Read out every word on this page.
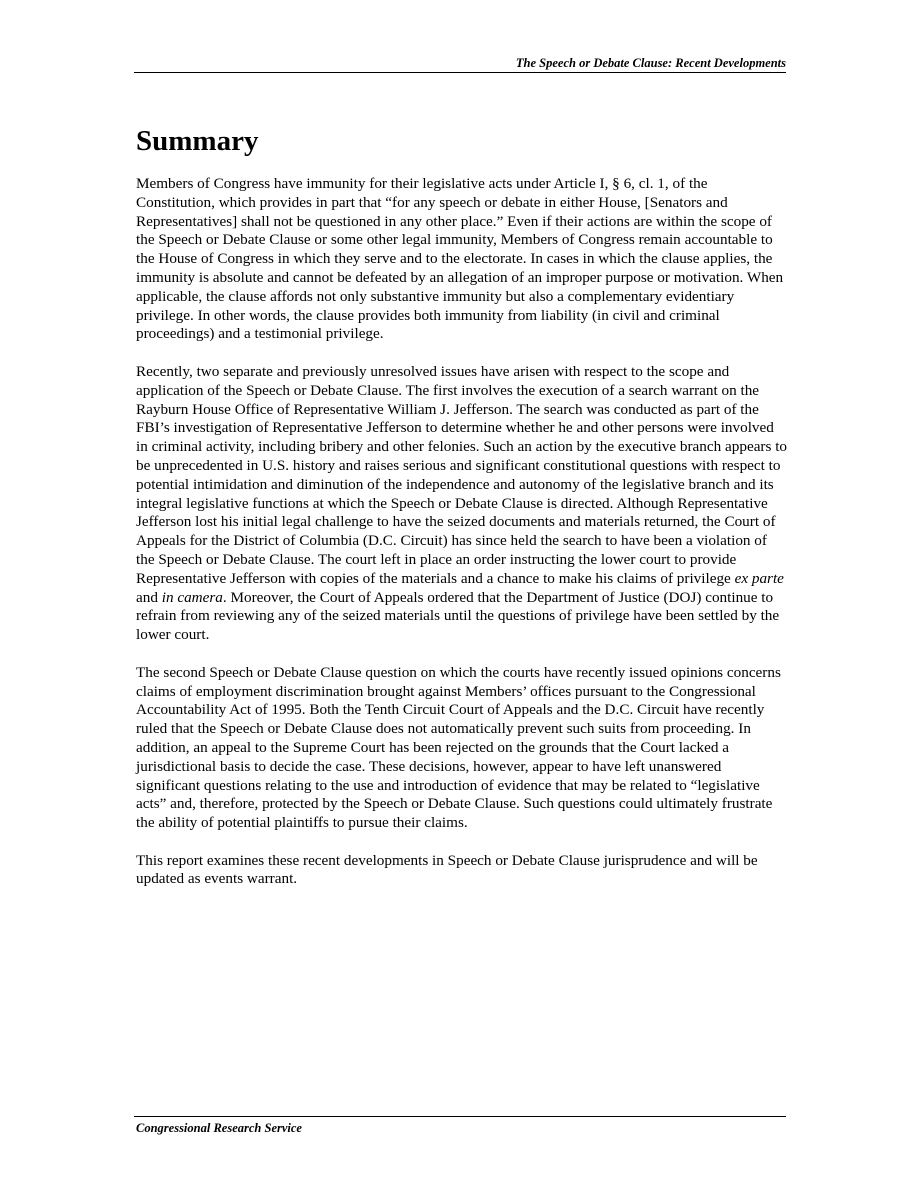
The Speech or Debate Clause: Recent Developments
Summary

Members of Congress have immunity for their legislative acts under Article I, § 6, cl. 1, of the Constitution, which provides in part that “for any speech or debate in either House, [Senators and Representatives] shall not be questioned in any other place.” Even if their actions are within the scope of the Speech or Debate Clause or some other legal immunity, Members of Congress remain accountable to the House of Congress in which they serve and to the electorate. In cases in which the clause applies, the immunity is absolute and cannot be defeated by an allegation of an improper purpose or motivation. When applicable, the clause affords not only substantive immunity but also a complementary evidentiary privilege. In other words, the clause provides both immunity from liability (in civil and criminal proceedings) and a testimonial privilege.

Recently, two separate and previously unresolved issues have arisen with respect to the scope and application of the Speech or Debate Clause. The first involves the execution of a search warrant on the Rayburn House Office of Representative William J. Jefferson. The search was conducted as part of the FBI’s investigation of Representative Jefferson to determine whether he and other persons were involved in criminal activity, including bribery and other felonies. Such an action by the executive branch appears to be unprecedented in U.S. history and raises serious and significant constitutional questions with respect to potential intimidation and diminution of the independence and autonomy of the legislative branch and its integral legislative functions at which the Speech or Debate Clause is directed. Although Representative Jefferson lost his initial legal challenge to have the seized documents and materials returned, the Court of Appeals for the District of Columbia (D.C. Circuit) has since held the search to have been a violation of the Speech or Debate Clause. The court left in place an order instructing the lower court to provide Representative Jefferson with copies of the materials and a chance to make his claims of privilege ex parte and in camera. Moreover, the Court of Appeals ordered that the Department of Justice (DOJ) continue to refrain from reviewing any of the seized materials until the questions of privilege have been settled by the lower court.

The second Speech or Debate Clause question on which the courts have recently issued opinions concerns claims of employment discrimination brought against Members’ offices pursuant to the Congressional Accountability Act of 1995. Both the Tenth Circuit Court of Appeals and the D.C. Circuit have recently ruled that the Speech or Debate Clause does not automatically prevent such suits from proceeding. In addition, an appeal to the Supreme Court has been rejected on the grounds that the Court lacked a jurisdictional basis to decide the case. These decisions, however, appear to have left unanswered significant questions relating to the use and introduction of evidence that may be related to “legislative acts” and, therefore, protected by the Speech or Debate Clause. Such questions could ultimately frustrate the ability of potential plaintiffs to pursue their claims.

This report examines these recent developments in Speech or Debate Clause jurisprudence and will be updated as events warrant.

Congressional Research Service
